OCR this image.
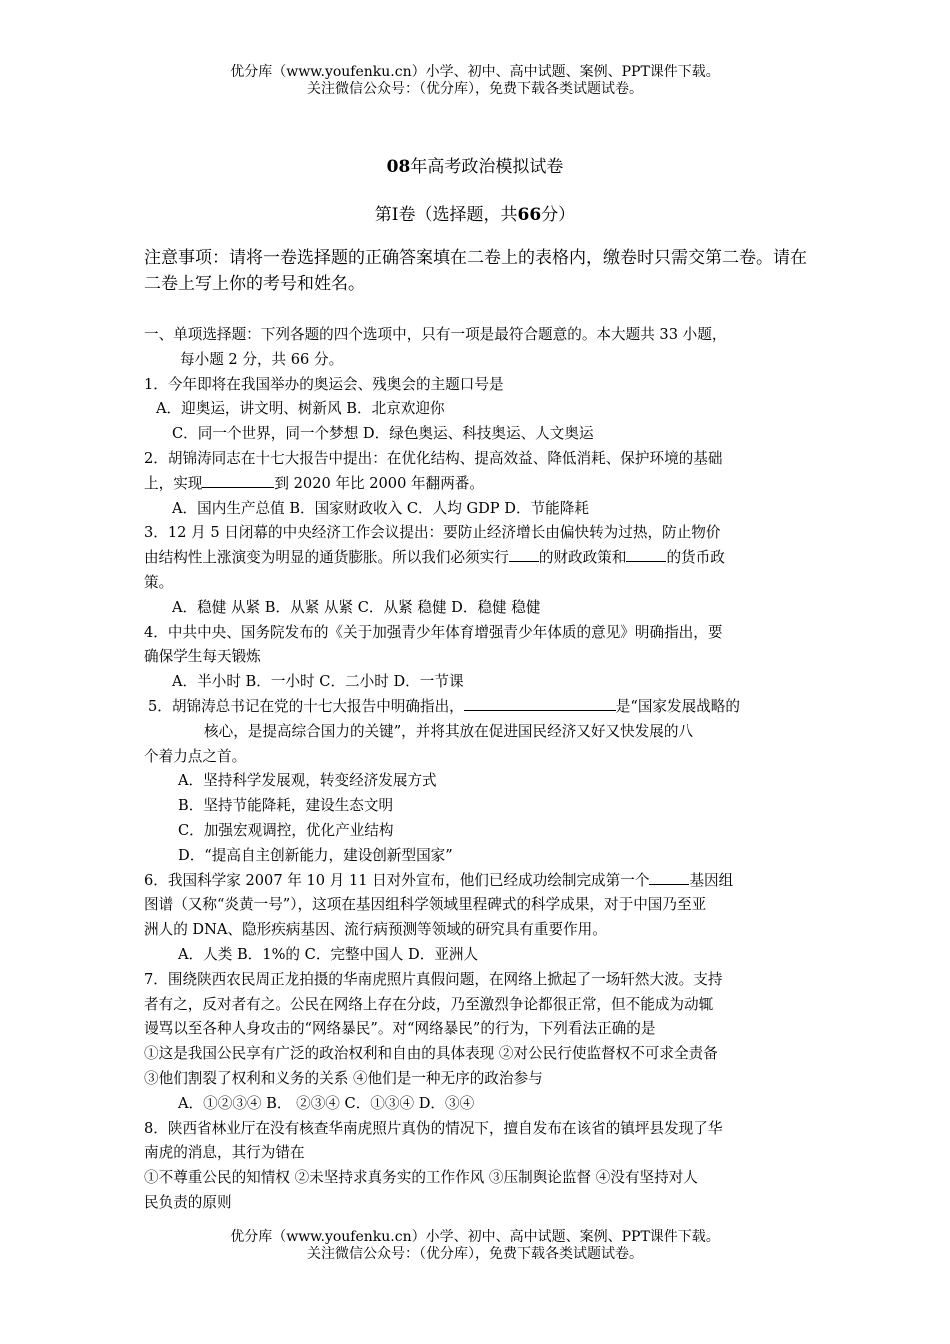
优分库（www.youfenku.cn）小学、初中、高中试题、案例、PPT课件下载。
关注微信公众号：（优分库），免费下载各类试题试卷。
08年高考政治模拟试卷
第Ⅰ卷（选择题，共66分）
注意事项：请将一卷选择题的正确答案填在二卷上的表格内，缴卷时只需交第二卷。请在二卷上写上你的考号和姓名。

一、单项选择题：下列各题的四个选项中，只有一项是最符合题意的。本大题共 33 小题，
每小题 2 分，共 66 分。

1．今年即将在我国举办的奥运会、残奥会的主题口号是

A．迎奥运，讲文明、树新风 B．北京欢迎你

C．同一个世界，同一个梦想 D．绿色奥运、科技奥运、人文奥运

2．胡锦涛同志在十七大报告中提出：在优化结构、提高效益、降低消耗、保护环境的基础
上，实现	到 2020 年比 2000 年翻两番。

A．国内生产总值 B．国家财政收入 C．人均 GDP D．节能降耗

3．12 月 5 日闭幕的中央经济工作会议提出：要防止经济增长由偏快转为过热，防止物价
由结构性上涨演变为明显的通货膨胀。所以我们必须实行 的财政政策和	的货币政
策。

A．稳健 从紧 B．从紧 从紧 C．从紧 稳健 D．稳健 稳健

4．中共中央、国务院发布的《关于加强青少年体育增强青少年体质的意见》明确指出，要
确保学生每天锻炼

A．半小时 B．一小时 C．二小时 D．一节课

5．胡锦涛总书记在党的十七大报告中明确指出，	是“国家发展战略的

核心，是提高综合国力的关键”，并将其放在促进国民经济又好又快发展的八

个着力点之首。

A．坚持科学发展观，转变经济发展方式

B．坚持节能降耗，建设生态文明

C．加强宏观调控，优化产业结构

D．“提高自主创新能力，建设创新型国家”

6．我国科学家 2007 年 10 月 11 日对外宣布，他们已经成功绘制完成第一个	基因组
图谱（又称“炎黄一号”），这项在基因组科学领域里程碑式的科学成果，对于中国乃至亚
洲人的 DNA、隐形疾病基因、流行病预测等领域的研究具有重要作用。

A．人类 B．1%的 C．完整中国人 D．亚洲人

7．围绕陕西农民周正龙拍摄的华南虎照片真假问题，在网络上掀起了一场轩然大波。支持
者有之，反对者有之。公民在网络上存在分歧，乃至激烈争论都很正常，但不能成为动辄
谩骂以至各种人身攻击的“网络暴民”。对“网络暴民”的行为，下列看法正确的是

①这是我国公民享有广泛的政治权利和自由的具体表现 ②对公民行使监督权不可求全责备

③他们割裂了权利和义务的关系 ④他们是一种无序的政治参与

A．①②③④ B． ②③④ C．①③④ D．③④

8．陕西省林业厅在没有核查华南虎照片真伪的情况下，擅自发布在该省的镇坪县发现了华
南虎的消息，其行为错在

①不尊重公民的知情权 ②未坚持求真务实的工作作风 ③压制舆论监督 ④没有坚持对人
民负责的原则

优分库（www.youfenku.cn）小学、初中、高中试题、案例、PPT课件下载。
关注微信公众号：（优分库），免费下载各类试题试卷。
